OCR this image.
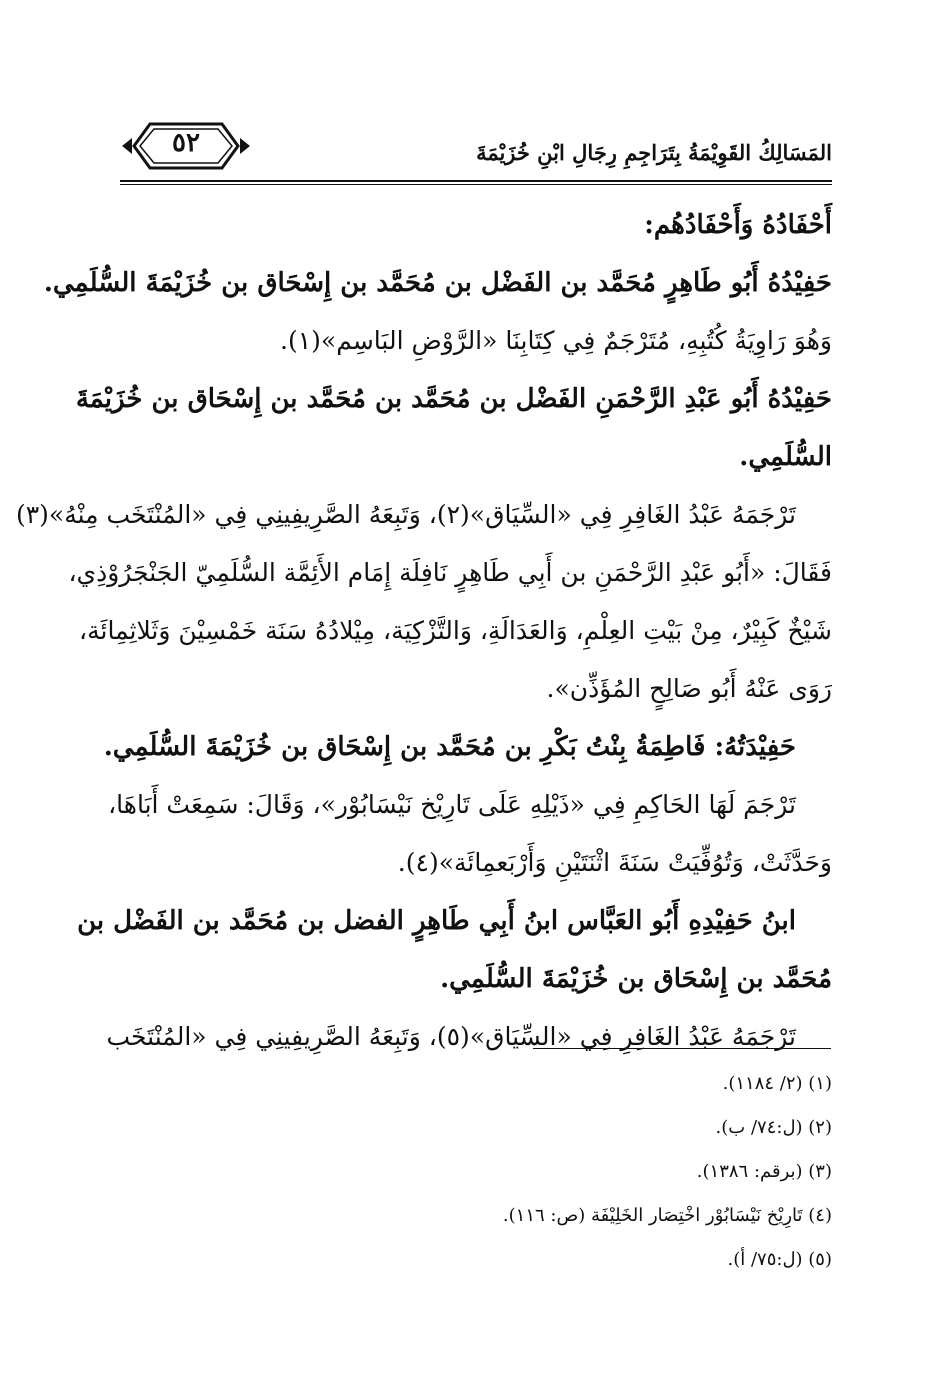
٥٢	المَسَالِكُ القَوِيْمَةُ بِتَرَاجِمِ رِجَالِ ابْنِ خُزَيْمَةَ
أَحْفَادُهُ وَأَحْفَادُهُم:
حَفِيْدُهُ أَبُو طَاهِرٍ مُحَمَّد بن الفَضْل بن مُحَمَّد بن إِسْحَاق بن خُزَيْمَةَ السُّلَمِي.
وَهُوَ رَاوِيَةُ كُتُبِهِ، مُتَرْجَمٌ فِي كِتَابِنَا «الرَّوْضِ البَاسِم»(١).
حَفِيْدُهُ أَبُو عَبْدِ الرَّحْمَنِ الفَضْل بن مُحَمَّد بن مُحَمَّد بن إِسْحَاق بن خُزَيْمَةَ
السُّلَمِي.
تَرْجَمَهُ عَبْدُ الغَافِرِ فِي «السِّيَاق»(٢)، وَتَبِعَهُ الصَّرِيفِينِي فِي «المُنْتَخَب مِنْهُ»(٣)
فَقَالَ: «أَبُو عَبْدِ الرَّحْمَنِ بن أَبِي طَاهِرٍ نَافِلَة إِمَام الأَئِمَّة السُّلَمِيّ الجَنْجَرُوْذِي،
شَيْخٌ كَبِيْرٌ، مِنْ بَيْتِ العِلْمِ، وَالعَدَالَةِ، وَالتَّزْكِيَة، مِيْلادُهُ سَنَة خَمْسِيْنَ وَثَلاثِمِائَة،
رَوَى عَنْهُ أَبُو صَالِحٍ المُؤَذِّن».
حَفِيْدَتُهُ: فَاطِمَةُ بِنْتُ بَكْرِ بن مُحَمَّد بن إِسْحَاق بن خُزَيْمَةَ السُّلَمِي.
تَرْجَمَ لَهَا الحَاكِمِ فِي «ذَيْلِهِ عَلَى تَارِيْخ نَيْسَابُوْر»، وَقَالَ: سَمِعَتْ أَبَاهَا،
وَحَدَّثَتْ، وَتُوُفِّيَتْ سَنَةَ اثْنَتَيْنِ وَأَرْبَعمِائَة»(٤).
ابنُ حَفِيْدِهِ أَبُو العَبَّاس ابنُ أَبِي طَاهِرٍ الفضل بن مُحَمَّد بن الفَضْل بن
مُحَمَّد بن إِسْحَاق بن خُزَيْمَةَ السُّلَمِي.
تَرْجَمَهُ عَبْدُ الغَافِرِ فِي «السِّيَاق»(٥)، وَتَبِعَهُ الصَّرِيفِينِي فِي «المُنْتَخَب
(١) (٢/ ١١٨٤).
(٢) (ل:٧٤/ ب).
(٣) (برقم: ١٣٨٦).
(٤) تَارِيْخ نَيْسَابُوْر اخْتِصَار الخَلِيْفَة (ص: ١١٦).
(٥) (ل:٧٥/ أ).
